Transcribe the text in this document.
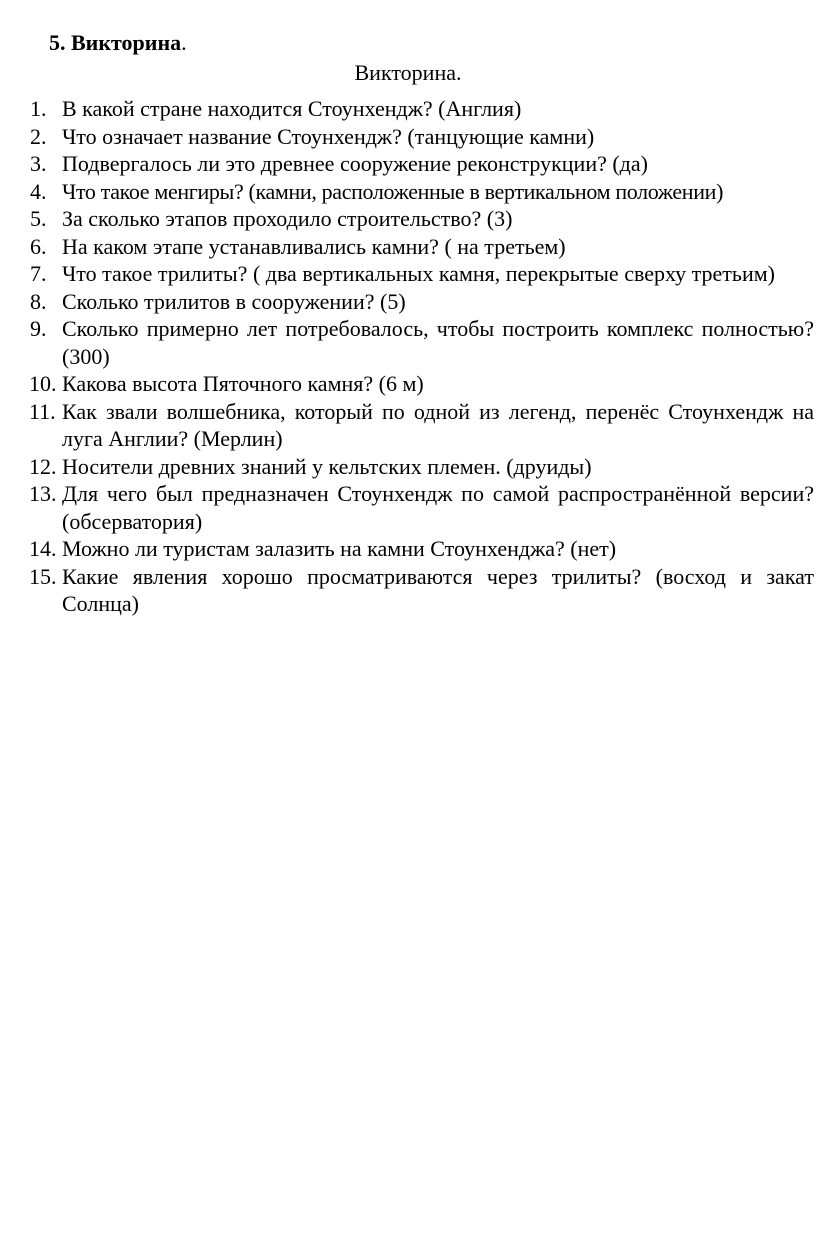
5. Викторина.
Викторина.
1. В какой стране находится Стоунхендж? (Англия)
2. Что означает название Стоунхендж? (танцующие камни)
3. Подвергалось ли это древнее сооружение реконструкции? (да)
4. Что такое менгиры? (камни, расположенные в вертикальном положении)
5. За сколько этапов проходило строительство? (3)
6. На каком этапе устанавливались камни? ( на третьем)
7. Что такое трилиты? ( два вертикальных камня, перекрытые сверху третьим)
8. Сколько трилитов в сооружении? (5)
9. Сколько примерно лет потребовалось, чтобы построить комплекс полностью? (300)
10. Какова высота Пяточного камня? (6 м)
11. Как звали волшебника, который по одной из легенд, перенёс Стоунхендж на луга Англии? (Мерлин)
12. Носители древних знаний у кельтских племен. (друиды)
13. Для чего был предназначен Стоунхендж по самой распространённой версии? (обсерватория)
14. Можно ли туристам залазить на камни Стоунхенджа? (нет)
15. Какие явления хорошо просматриваются через трилиты? (восход и закат Солнца)
